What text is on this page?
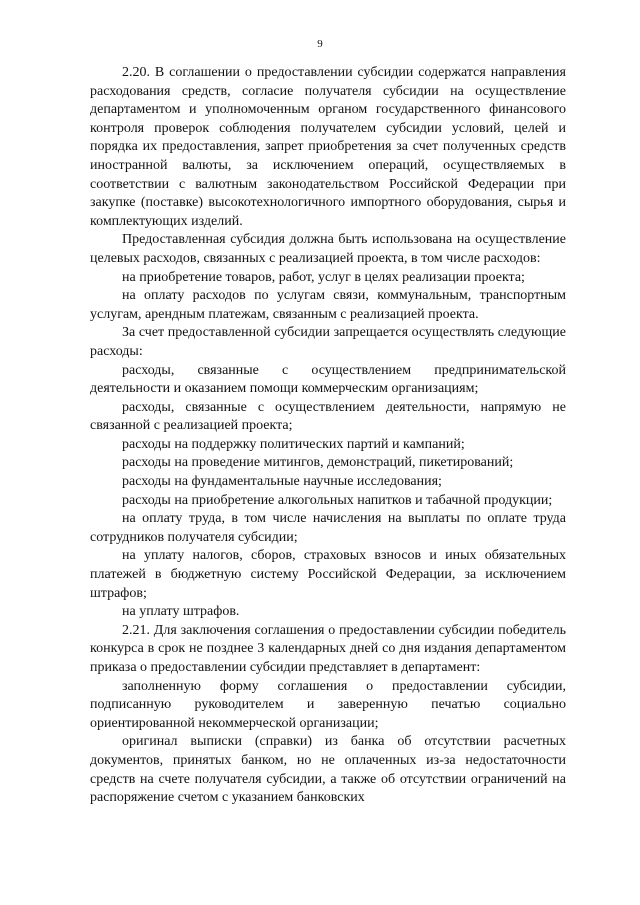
9

2.20. В соглашении о предоставлении субсидии содержатся направления расходования средств, согласие получателя субсидии на осуществление департаментом и уполномоченным органом государственного финансового контроля проверок соблюдения получателем субсидии условий, целей и порядка их предоставления, запрет приобретения за счет полученных средств иностранной валюты, за исключением операций, осуществляемых в соответствии с валютным законодательством Российской Федерации при закупке (поставке) высокотехнологичного импортного оборудования, сырья и комплектующих изделий.

Предоставленная субсидия должна быть использована на осуществление целевых расходов, связанных с реализацией проекта, в том числе расходов:

на приобретение товаров, работ, услуг в целях реализации проекта;

на оплату расходов по услугам связи, коммунальным, транспортным услугам, арендным платежам, связанным с реализацией проекта.

За счет предоставленной субсидии запрещается осуществлять следующие расходы:

расходы, связанные с осуществлением предпринимательской деятельности и оказанием помощи коммерческим организациям;

расходы, связанные с осуществлением деятельности, напрямую не связанной с реализацией проекта;

расходы на поддержку политических партий и кампаний;

расходы на проведение митингов, демонстраций, пикетирований;

расходы на фундаментальные научные исследования;

расходы на приобретение алкогольных напитков и табачной продукции;

на оплату труда, в том числе начисления на выплаты по оплате труда сотрудников получателя субсидии;

на уплату налогов, сборов, страховых взносов и иных обязательных платежей в бюджетную систему Российской Федерации, за исключением штрафов;

на уплату штрафов.

2.21. Для заключения соглашения о предоставлении субсидии победитель конкурса в срок не позднее 3 календарных дней со дня издания департаментом приказа о предоставлении субсидии представляет в департамент:

заполненную форму соглашения о предоставлении субсидии, подписанную руководителем и заверенную печатью социально ориентированной некоммерческой организации;

оригинал выписки (справки) из банка об отсутствии расчетных документов, принятых банком, но не оплаченных из-за недостаточности средств на счете получателя субсидии, а также об отсутствии ограничений на распоряжение счетом с указанием банковских
